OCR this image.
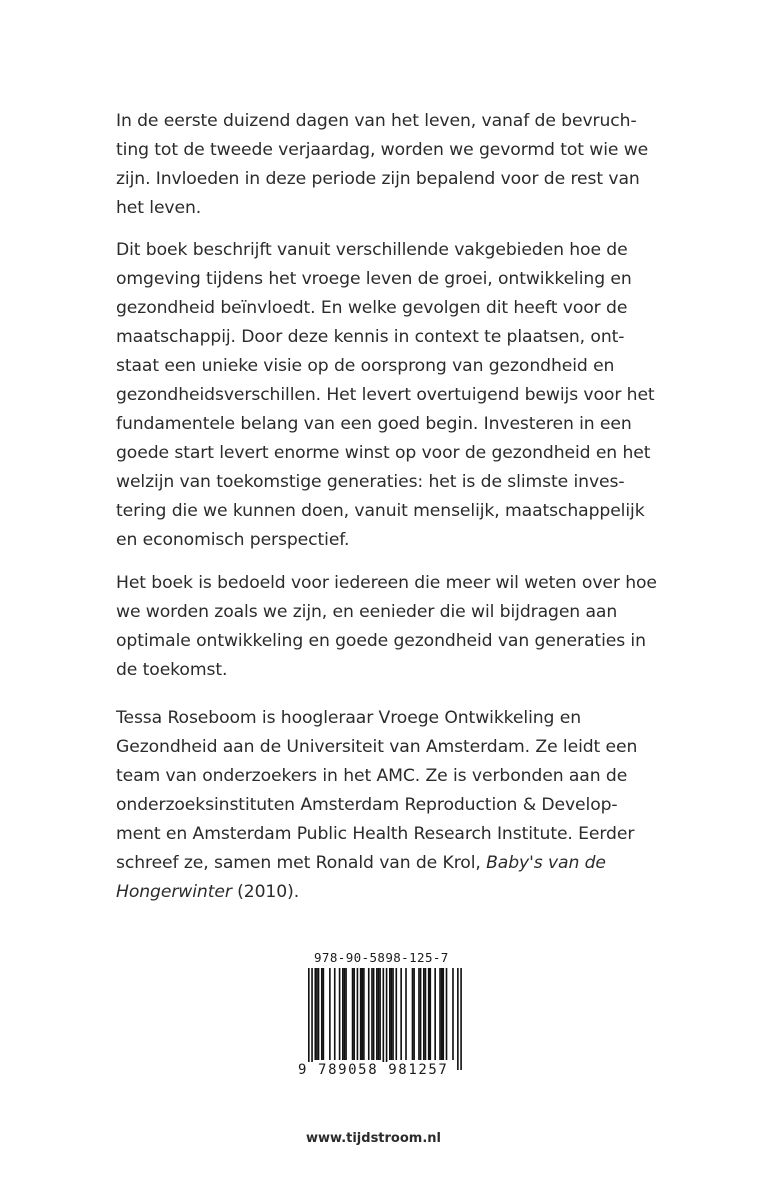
In de eerste duizend dagen van het leven, vanaf de bevruch-
ting tot de tweede verjaardag, worden we gevormd tot wie we
zijn. Invloeden in deze periode zijn bepalend voor de rest van
het leven.
Dit boek beschrijft vanuit verschillende vakgebieden hoe de
omgeving tijdens het vroege leven de groei, ontwikkeling en
gezondheid beïnvloedt. En welke gevolgen dit heeft voor de
maatschappij. Door deze kennis in context te plaatsen, ont-
staat een unieke visie op de oorsprong van gezondheid en
gezondheidsverschillen. Het levert overtuigend bewijs voor het
fundamentele belang van een goed begin. Investeren in een
goede start levert enorme winst op voor de gezondheid en het
welzijn van toekomstige generaties: het is de slimste inves-
tering die we kunnen doen, vanuit menselijk, maatschappelijk
en economisch perspectief.
Het boek is bedoeld voor iedereen die meer wil weten over hoe
we worden zoals we zijn, en eenieder die wil bijdragen aan
optimale ontwikkeling en goede gezondheid van generaties in
de toekomst.
Tessa Roseboom is hoogleraar Vroege Ontwikkeling en
Gezondheid aan de Universiteit van Amsterdam. Ze leidt een
team van onderzoekers in het AMC. Ze is verbonden aan de
onderzoeksinstituten Amsterdam Reproduction & Develop-
ment en Amsterdam Public Health Research Institute. Eerder
schreef ze, samen met Ronald van de Krol, Baby's van de
Hongerwinter (2010).
978-90-5898-125-7
9 789058 981257
www.tijdstroom.nl
